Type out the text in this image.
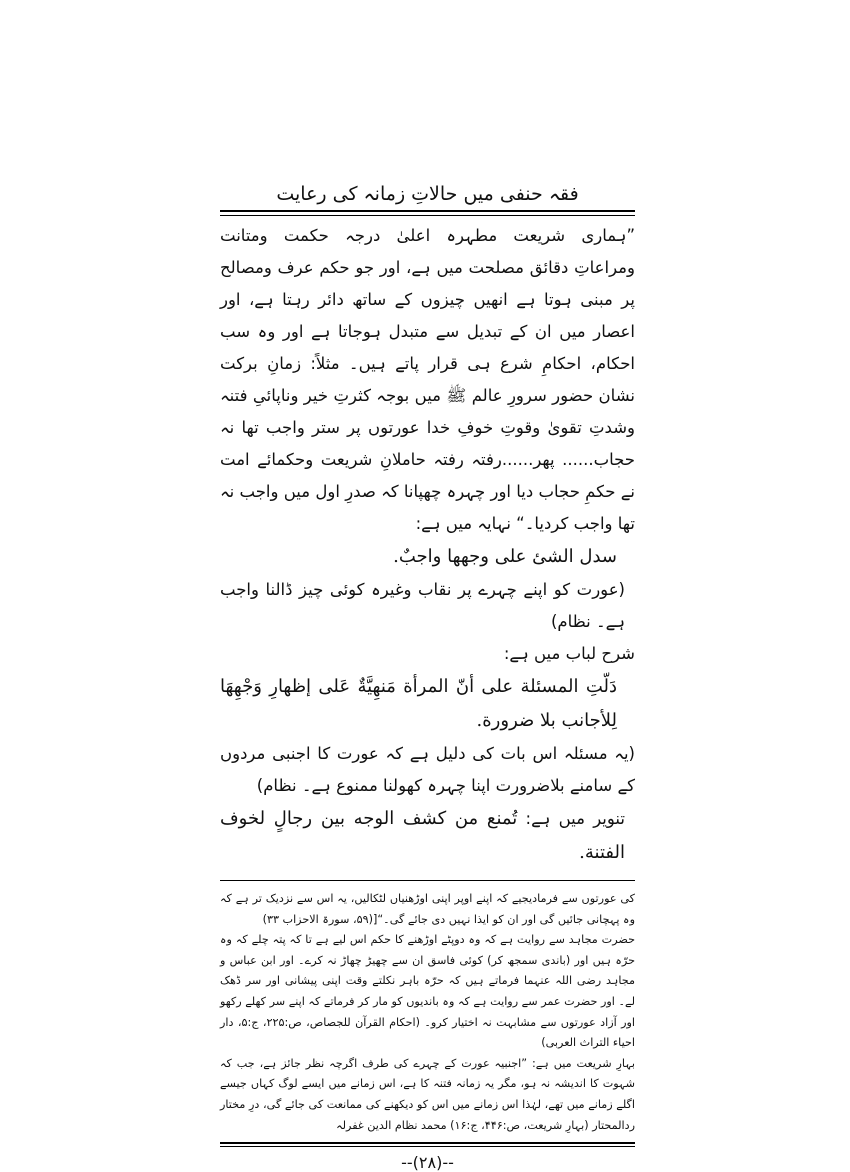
فقہ حنفی میں حالاتِ زمانہ کی رعایت

”ہماری شریعت مطہرہ اعلیٰ درجہ حکمت ومتانت ومراعاتِ دقائق مصلحت میں ہے، اور جو حکم عرف ومصالح پر مبنی ہوتا ہے انھیں چیزوں کے ساتھ دائر رہتا ہے، اور اعصار میں ان کے تبدیل سے متبدل ہوجاتا ہے اور وہ سب احکام، احکامِ شرع ہی قرار پاتے ہیں۔ مثلاً: زمانِ برکت نشان حضور سرورِ عالم ﷺ میں بوجہ کثرتِ خیر وناپائیِ فتنہ وشدتِ تقویٰ وقوتِ خوفِ خدا عورتوں پر ستر واجب تھا نہ حجاب...... پھر......رفتہ رفتہ حاملانِ شریعت وحکمائے امت نے حکمِ حجاب دیا اور چہرہ چھپانا کہ صدرِ اول میں واجب نہ تھا واجب کردیا۔“ نہایہ میں ہے:

سدل الشئ على وجهها واجبٌ.

(عورت کو اپنے چہرے پر نقاب وغیرہ کوئی چیز ڈالنا واجب ہے۔ نظام)

شرح لباب میں ہے:

دَلّتِ المسئلة على أنّ المرأة مَنهِيَّةٌ عَلى إظهارِ وَجْهِهَا لِلأجانب بلا ضرورة.

(یہ مسئلہ اس بات کی دلیل ہے کہ عورت کا اجنبی مردوں کے سامنے بلاضرورت اپنا چہرہ کھولنا ممنوع ہے۔ نظام)

تنویر میں ہے: تُمنع من كشف الوجه بين رجالٍ لخوف الفتنة.

کی عورتوں سے فرمادیجیے کہ اپنے اوپر اپنی اوڑھنیاں لٹکالیں، یہ اس سے نزدیک تر ہے کہ وہ پہچانی جائیں گی اور ان کو ایذا نہیں دی جائے گی۔“[(۵۹، سورۃ الاحزاب ۳۳)

حضرت مجاہد سے روایت ہے کہ وہ دوپٹے اوڑھنے کا حکم اس لیے ہے تا کہ پتہ چلے کہ وہ حرّہ ہیں اور (باندی سمجھ کر) کوئی فاسق ان سے چھیڑ چھاڑ نہ کرے۔ اور ابن عباس و مجاہد رضی اللہ عنہما فرماتے ہیں کہ حرّہ باہر نکلتے وقت اپنی پیشانی اور سر ڈھک لے۔ اور حضرت عمر سے روایت ہے کہ وہ باندیوں کو مار کر فرماتے کہ اپنے سر کھلے رکھو اور آزاد عورتوں سے مشابہت نہ اختیار کرو۔ (احکام القرآن للجصاص، ص:۲۲۵، ج:۵، دار احیاء التراث العربی)

بہارِ شریعت میں ہے: ”اجنبیہ عورت کے چہرے کی طرف اگرچہ نظر جائز ہے، جب کہ شہوت کا اندیشہ نہ ہو، مگر یہ زمانہ فتنہ کا ہے، اس زمانے میں ایسے لوگ کہاں جیسے اگلے زمانے میں تھے، لہٰذا اس زمانے میں اس کو دیکھنے کی ممانعت کی جائے گی، درِ مختار ردالمحتار (بہارِ شریعت، ص:۴۴۶، ج:۱۶) محمد نظام الدین غفرلہ

--(۲۸)--
